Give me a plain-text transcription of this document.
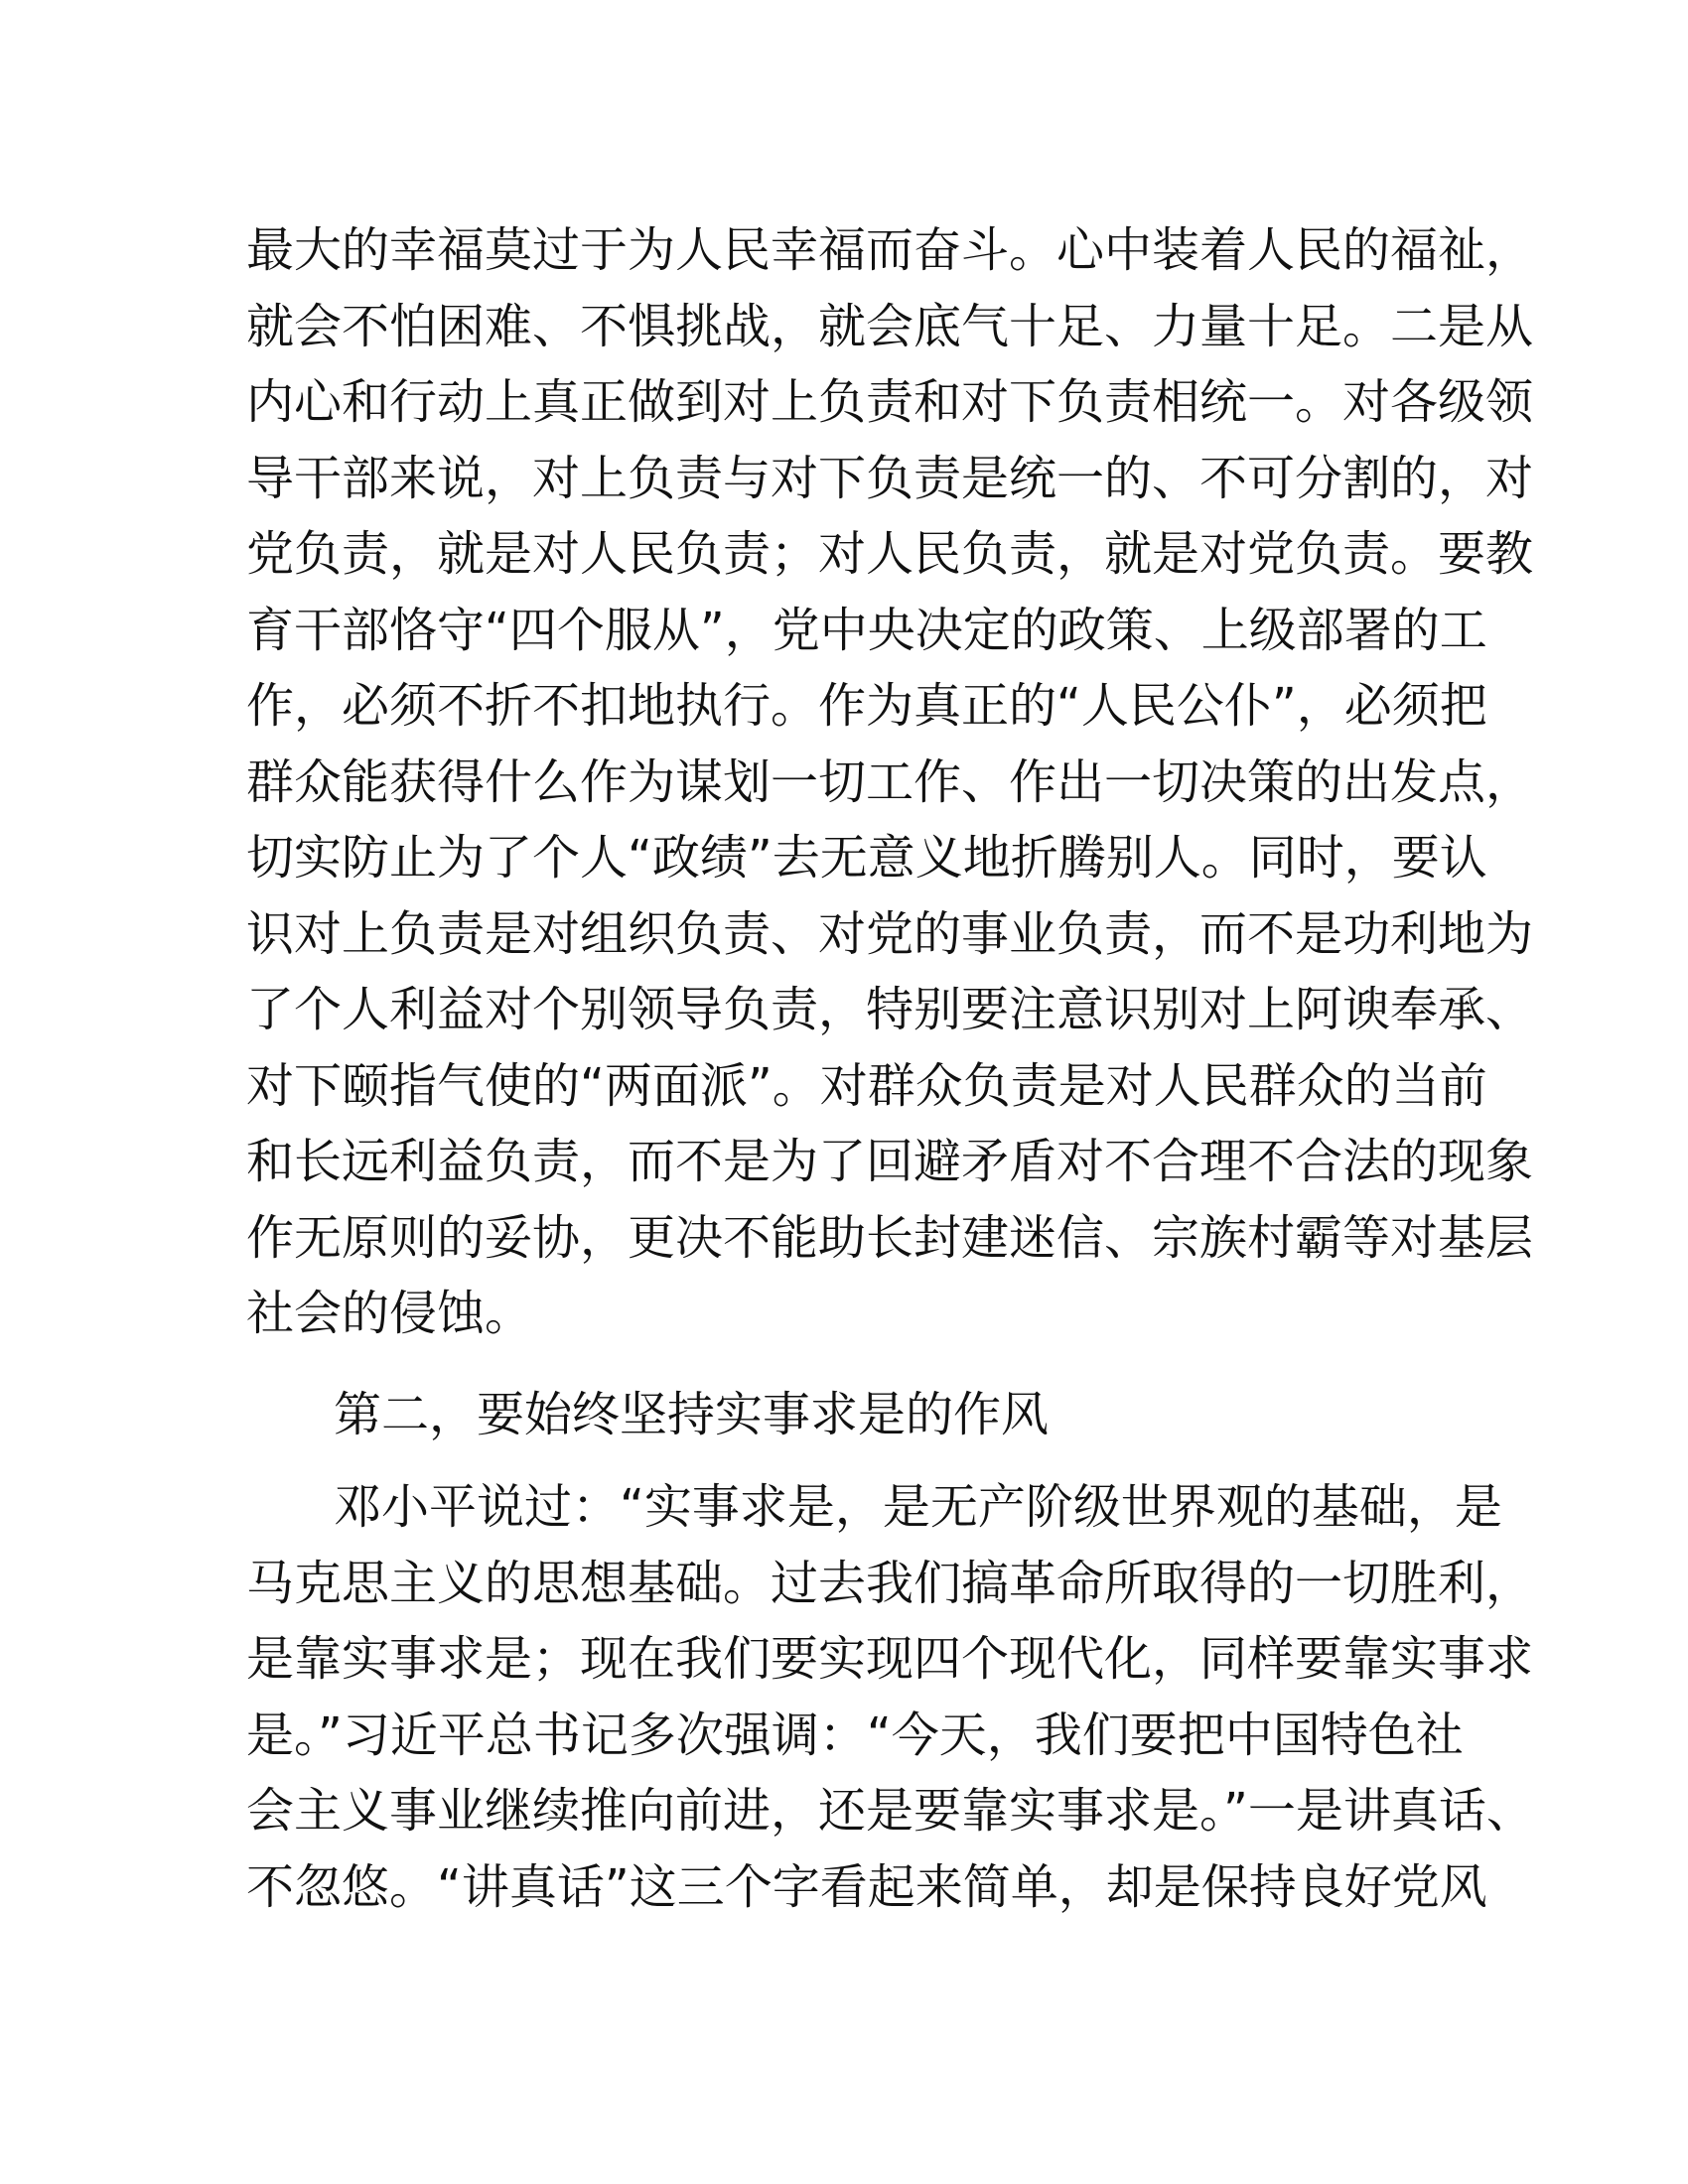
最大的幸福莫过于为人民幸福而奋斗。心中装着人民的福祉，
就会不怕困难、不惧挑战，就会底气十足、力量十足。二是从
内心和行动上真正做到对上负责和对下负责相统一。对各级领
导干部来说，对上负责与对下负责是统一的、不可分割的，对
党负责，就是对人民负责；对人民负责，就是对党负责。要教
育干部恪守“四个服从”，党中央决定的政策、上级部署的工
作，必须不折不扣地执行。作为真正的“人民公仆”，必须把
群众能获得什么作为谋划一切工作、作出一切决策的出发点，
切实防止为了个人“政绩”去无意义地折腾别人。同时，要认
识对上负责是对组织负责、对党的事业负责，而不是功利地为
了个人利益对个别领导负责，特别要注意识别对上阿谀奉承、
对下颐指气使的“两面派”。对群众负责是对人民群众的当前
和长远利益负责，而不是为了回避矛盾对不合理不合法的现象
作无原则的妥协，更决不能助长封建迷信、宗族村霸等对基层
社会的侵蚀。
第二，要始终坚持实事求是的作风
邓小平说过：“实事求是，是无产阶级世界观的基础，是
马克思主义的思想基础。过去我们搞革命所取得的一切胜利，
是靠实事求是；现在我们要实现四个现代化，同样要靠实事求
是。”习近平总书记多次强调：“今天，我们要把中国特色社
会主义事业继续推向前进，还是要靠实事求是。”一是讲真话、
不忽悠。“讲真话”这三个字看起来简单，却是保持良好党风
